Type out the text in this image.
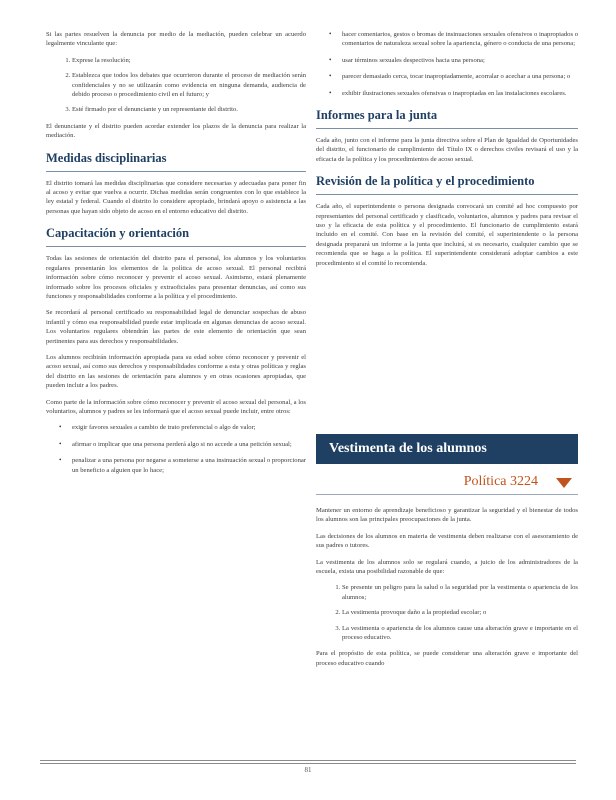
Si las partes resuelven la denuncia por medio de la mediación, pueden celebrar un acuerdo legalmente vinculante que:

1. Exprese la resolución;
2. Establezca que todos los debates que ocurrieron durante el proceso de mediación serán confidenciales y no se utilizarán como evidencia en ninguna demanda, audiencia de debido proceso o procedimiento civil en el futuro; y
3. Esté firmado por el denunciante y un representante del distrito.

El denunciante y el distrito pueden acordar extender los plazos de la denuncia para realizar la mediación.

Medidas disciplinarias

El distrito tomará las medidas disciplinarias que considere necesarias y adecuadas para poner fin al acoso y evitar que vuelva a ocurrir. Dichas medidas serán congruentes con lo que establece la ley estatal y federal. Cuando el distrito lo considere apropiado, brindará apoyo o asistencia a las personas que hayan sido objeto de acoso en el entorno educativo del distrito.

Capacitación y orientación

Todas las sesiones de orientación del distrito para el personal, los alumnos y los voluntarios regulares presentarán los elementos de la política de acoso sexual. El personal recibirá información sobre cómo reconocer y prevenir el acoso sexual. Asimismo, estará plenamente informado sobre los procesos oficiales y extraoficiales para presentar denuncias, así como sus funciones y responsabilidades conforme a la política y el procedimiento.

Se recordará al personal certificado su responsabilidad legal de denunciar sospechas de abuso infantil y cómo esa responsabilidad puede estar implicada en algunas denuncias de acoso sexual. Los voluntarios regulares obtendrán las partes de este elemento de orientación que sean pertinentes para sus derechos y responsabilidades.

Los alumnos recibirán información apropiada para su edad sobre cómo reconocer y prevenir el acoso sexual, así como sus derechos y responsabilidades conforme a esta y otras políticas y reglas del distrito en las sesiones de orientación para alumnos y en otras ocasiones apropiadas, que pueden incluir a los padres.

Como parte de la información sobre cómo reconocer y prevenir el acoso sexual del personal, a los voluntarios, alumnos y padres se les informará que el acoso sexual puede incluir, entre otros:

• exigir favores sexuales a cambio de trato preferencial o algo de valor;
• afirmar o implicar que una persona perderá algo si no accede a una petición sexual;
• penalizar a una persona por negarse a someterse a una insinuación sexual o proporcionar un beneficio a alguien que lo hace;
• hacer comentarios, gestos o bromas de insinuaciones sexuales ofensivos o inapropiados o comentarios de naturaleza sexual sobre la apariencia, género o conducta de una persona;
• usar términos sexuales despectivos hacia una persona;
• parecer demasiado cerca, tocar inapropiadamente, acorralar o acechar a una persona; o
• exhibir ilustraciones sexuales ofensivas o inapropiadas en las instalaciones escolares.
Informes para la junta

Cada año, junto con el informe para la junta directiva sobre el Plan de Igualdad de Oportunidades del distrito, el funcionario de cumplimiento del Título IX o derechos civiles revisará el uso y la eficacia de la política y los procedimientos de acoso sexual.

Revisión de la política y el procedimiento

Cada año, el superintendente o persona designada convocará un comité ad hoc compuesto por representantes del personal certificado y clasificado, voluntarios, alumnos y padres para revisar el uso y la eficacia de esta política y el procedimiento. El funcionario de cumplimiento estará incluido en el comité. Con base en la revisión del comité, el superintendente o la persona designada preparará un informe a la junta que incluirá, si es necesario, cualquier cambio que se recomienda que se haga a la política. El superintendente considerará adoptar cambios a este procedimiento si el comité lo recomienda.

Vestimenta de los alumnos
Política 3224

Mantener un entorno de aprendizaje beneficioso y garantizar la seguridad y el bienestar de todos los alumnos son las principales preocupaciones de la junta.

Las decisiones de los alumnos en materia de vestimenta deben realizarse con el asesoramiento de sus padres o tutores.

La vestimenta de los alumnos solo se regulará cuando, a juicio de los administradores de la escuela, exista una posibilidad razonable de que:

1. Se presente un peligro para la salud o la seguridad por la vestimenta o apariencia de los alumnos;
2. La vestimenta provoque daño a la propiedad escolar; o
3. La vestimenta o apariencia de los alumnos cause una alteración grave e importante en el proceso educativo.

Para el propósito de esta política, se puede considerar una alteración grave e importante del proceso educativo cuando

81
